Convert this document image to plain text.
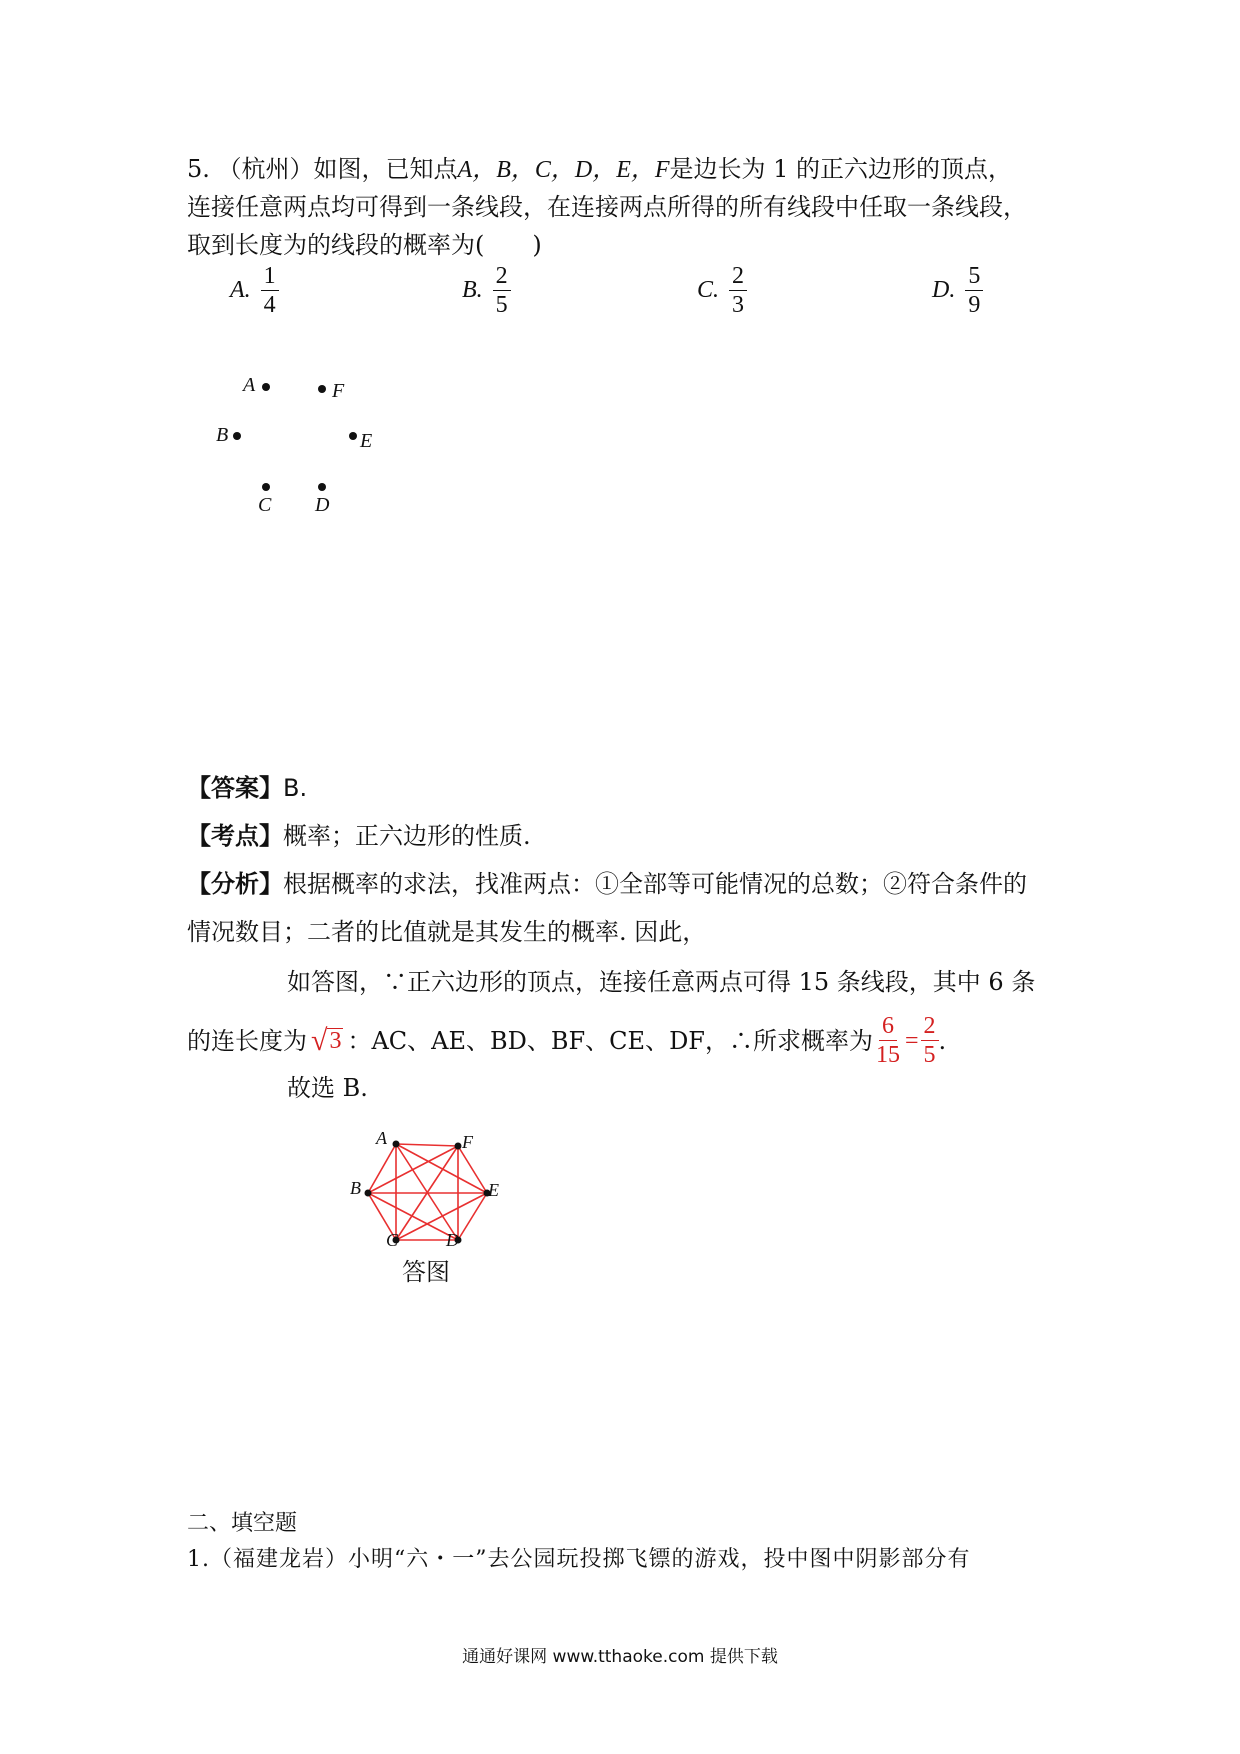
5. （杭州）如图，已知点A，B，C，D，E，F是边长为 1 的正六边形的顶点，
连接任意两点均可得到一条线段，在连接两点所得的所有线段中任取一条线段，
取到长度为的线段的概率为(　　)
A. $\frac{1}{4}$	B. $\frac{2}{5}$	C. $\frac{2}{3}$	D. $\frac{5}{9}$
A	F
B	E
C D
【答案】B.
【考点】概率；正六边形的性质.
【分析】根据概率的求法，找准两点：①全部等可能情况的总数；②符合条件的
情况数目；二者的比值就是其发生的概率. 因此，
如答图，∵正六边形的顶点，连接任意两点可得 15 条线段，其中 6 条
的连长度为 √ 3 ：AC、AE、BD、BF、CE、DF，∴所求概率为 $\frac{6}{15} = \frac{2}{5}$ .
故选 B.
A	F
B	E
C	D
答图
二、填空题
1.（福建龙岩）小明“六・一”去公园玩投掷飞镖的游戏，投中图中阴影部分有
通通好课网 www.tthaoke.com 提供下载
